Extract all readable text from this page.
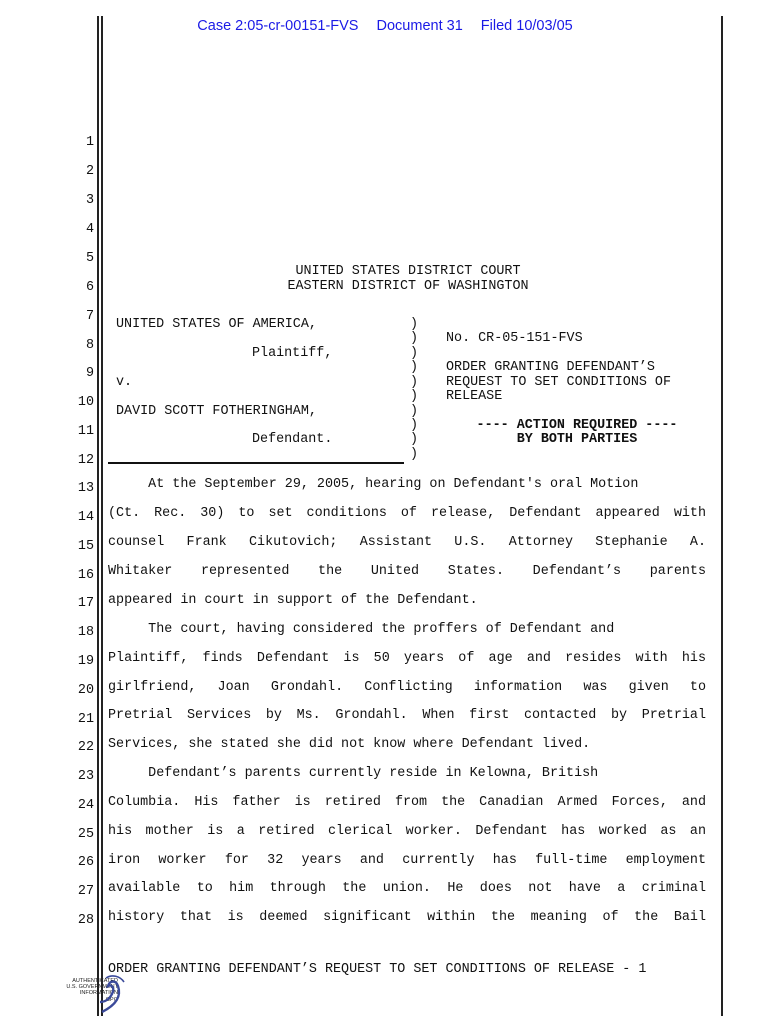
Case 2:05-cr-00151-FVS Document 31 Filed 10/03/05
1
2
3
4
5
6
7
8
9
10
11
12
13
14
15
16
17
18
19
20
21
22
23
24
25
26
27
28
UNITED STATES DISTRICT COURT
EASTERN DISTRICT OF WASHINGTON
UNITED STATES OF AMERICA,
Plaintiff,
v.
DAVID SCOTT FOTHERINGHAM,
Defendant.
)
)
)
)
)
)
)
)
)
)
No. CR-05-151-FVS
ORDER GRANTING DEFENDANT’S
REQUEST TO SET CONDITIONS OF
RELEASE
---- ACTION REQUIRED ----
BY BOTH PARTIES
At the September 29, 2005, hearing on Defendant's oral Motion
(Ct. Rec. 30) to set conditions of release, Defendant appeared with
counsel Frank Cikutovich; Assistant U.S. Attorney Stephanie A.
Whitaker represented the United States. Defendant’s parents
appeared in court in support of the Defendant.
The court, having considered the proffers of Defendant and
Plaintiff, finds Defendant is 50 years of age and resides with his
girlfriend, Joan Grondahl. Conflicting information was given to
Pretrial Services by Ms. Grondahl. When first contacted by Pretrial
Services, she stated she did not know where Defendant lived.
Defendant’s parents currently reside in Kelowna, British
Columbia. His father is retired from the Canadian Armed Forces, and
his mother is a retired clerical worker. Defendant has worked as an
iron worker for 32 years and currently has full-time employment
available to him through the union. He does not have a criminal
history that is deemed significant within the meaning of the Bail
ORDER GRANTING DEFENDANT’S REQUEST TO SET CONDITIONS OF RELEASE - 1
AUTHENTICATED
U.S. GOVERNMENT
INFORMATION
GPO
